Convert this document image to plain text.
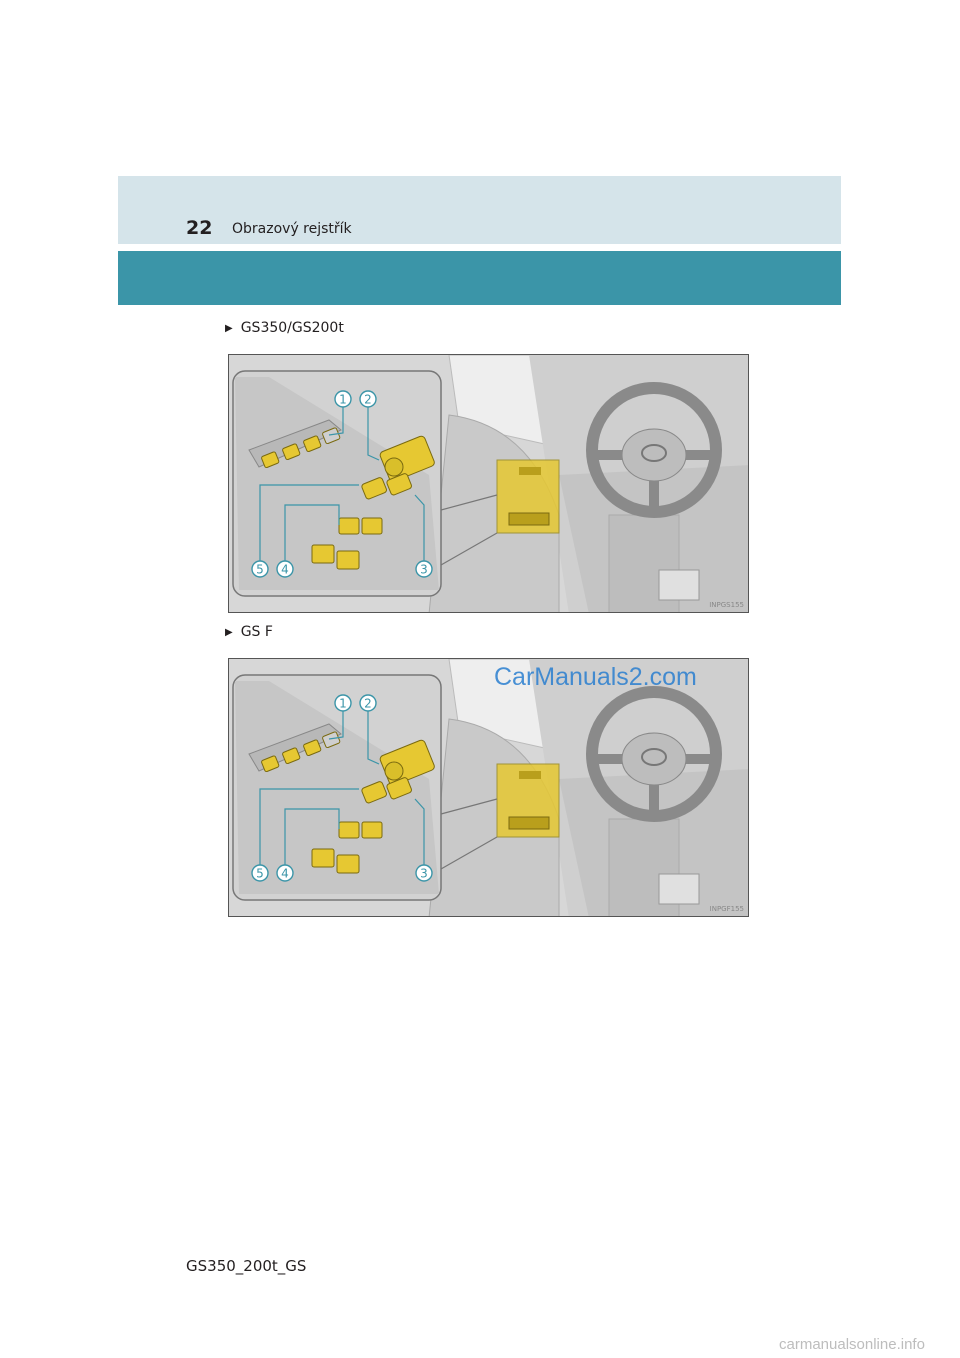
22 Obrazový rejstřík
▶ GS350/GS200t
1 2
3
4
5
INPGS155
▶ GS F
1 2
3
4
5
CarManuals2.com
INPGF155
GS350_200t_GS
carmanualsonline.info
